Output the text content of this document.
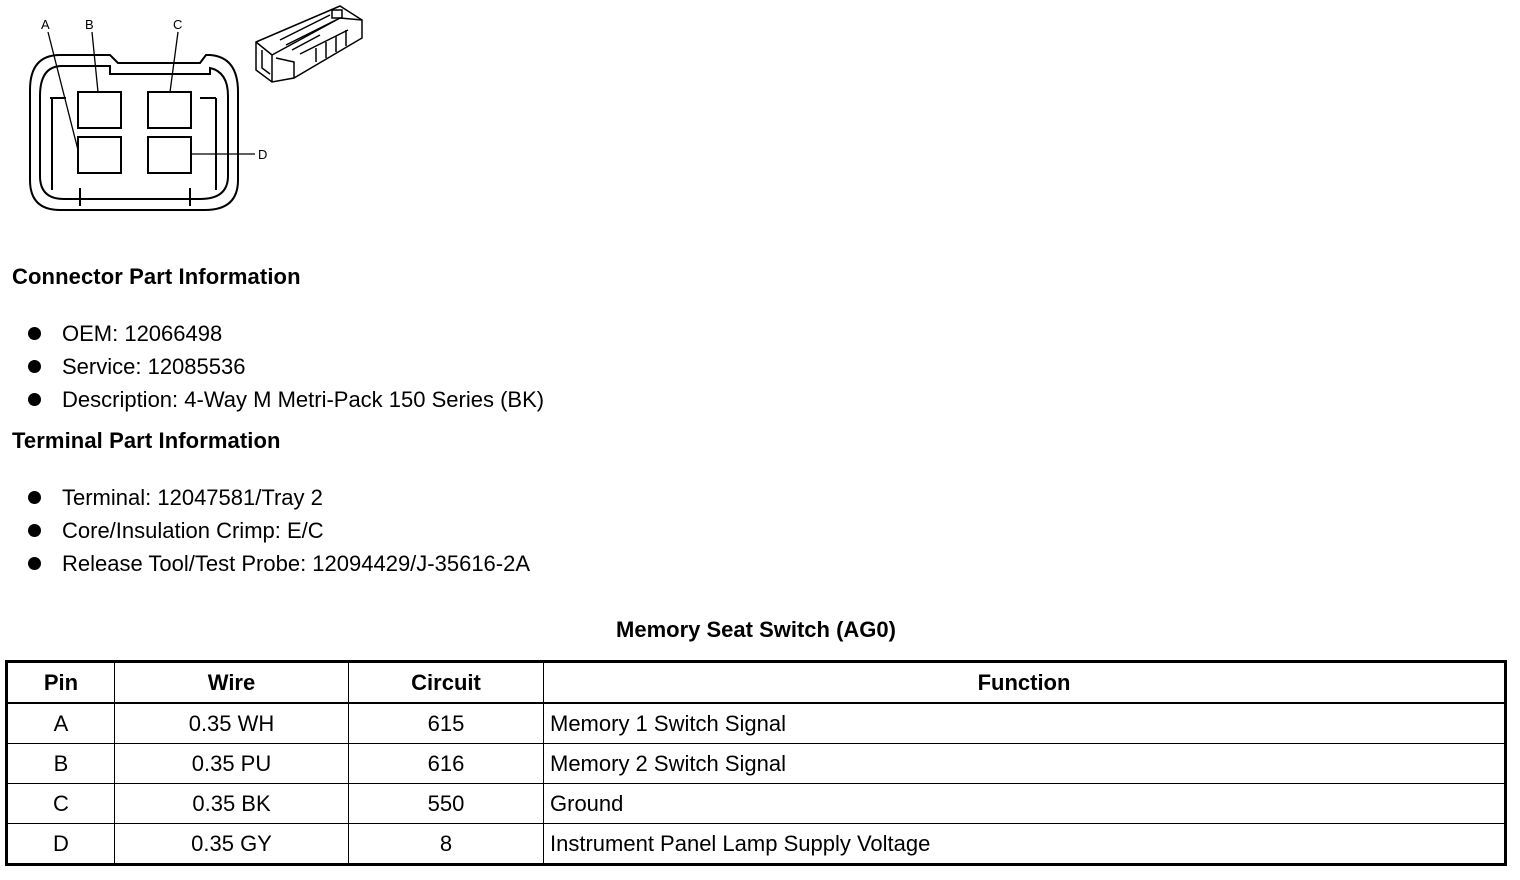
A	B	C
D
Connector Part Information
OEM: 12066498
Service: 12085536
Description: 4-Way M Metri-Pack 150 Series (BK)
Terminal Part Information
Terminal: 12047581/Tray 2
Core/Insulation Crimp: E/C
Release Tool/Test Probe: 12094429/J-35616-2A
Memory Seat Switch (AG0)
Pin	Wire	Circuit	Function
A	0.35 WH	615	Memory 1 Switch Signal
B	0.35 PU	616	Memory 2 Switch Signal
C	0.35 BK	550	Ground
D	0.35 GY	8	Instrument Panel Lamp Supply Voltage
